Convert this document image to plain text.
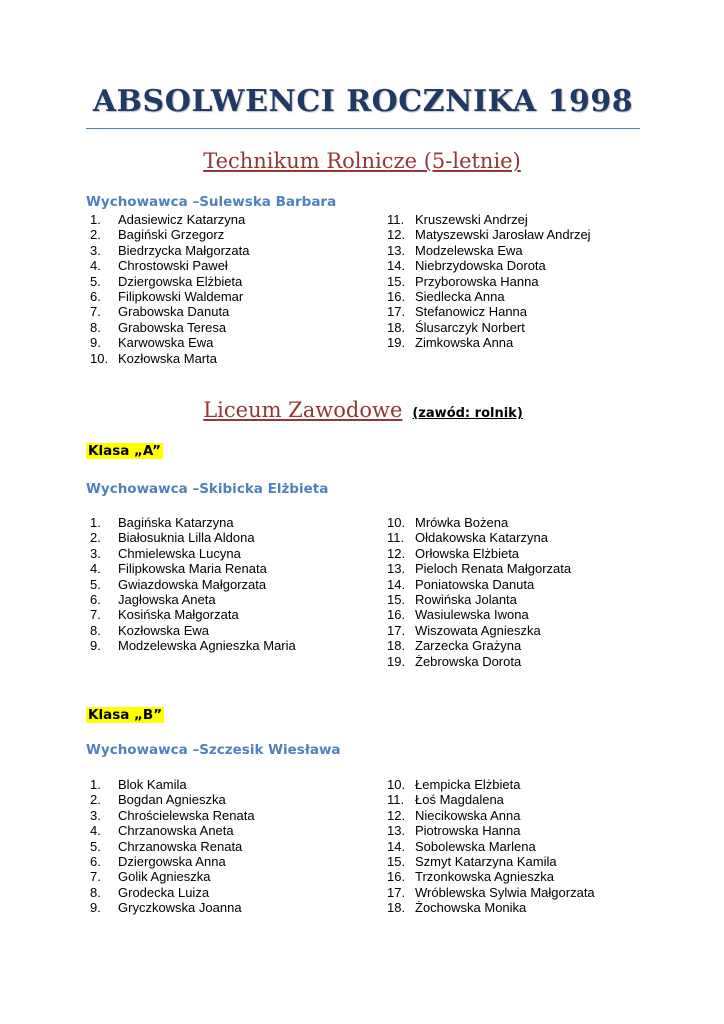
ABSOLWENCI ROCZNIKA 1998
Technikum Rolnicze (5-letnie)
Wychowawca –Sulewska Barbara
1. Adasiewicz Katarzyna
2. Bagiński Grzegorz
3. Biedrzycka Małgorzata
4. Chrostowski Paweł
5. Dziergowska Elżbieta
6. Filipkowski Waldemar
7. Grabowska Danuta
8. Grabowska Teresa
9. Karwowska Ewa
10. Kozłowska Marta
11. Kruszewski Andrzej
12. Matyszewski Jarosław Andrzej
13. Modzelewska Ewa
14. Niebrzydowska Dorota
15. Przyborowska Hanna
16. Siedlecka Anna
17. Stefanowicz Hanna
18. Ślusarczyk Norbert
19. Zimkowska Anna
Liceum Zawodowe (zawód: rolnik)
Klasa „A”
Wychowawca –Skibicka Elżbieta
1. Bagińska Katarzyna
2. Białosuknia Lilla Aldona
3. Chmielewska Lucyna
4. Filipkowska Maria Renata
5. Gwiazdowska Małgorzata
6. Jagłowska Aneta
7. Kosińska Małgorzata
8. Kozłowska Ewa
9. Modzelewska Agnieszka Maria
10. Mrówka Bożena
11. Ołdakowska Katarzyna
12. Orłowska Elżbieta
13. Pieloch Renata Małgorzata
14. Poniatowska Danuta
15. Rowińska Jolanta
16. Wasiulewska Iwona
17. Wiszowata Agnieszka
18. Zarzecka Grażyna
19. Żebrowska Dorota
Klasa „B”
Wychowawca –Szczesik Wiesława
1. Blok Kamila
2. Bogdan Agnieszka
3. Chrościelewska Renata
4. Chrzanowska Aneta
5. Chrzanowska Renata
6. Dziergowska Anna
7. Golik Agnieszka
8. Grodecka Luiza
9. Gryczkowska Joanna
10. Łempicka Elżbieta
11. Łoś Magdalena
12. Niecikowska Anna
13. Piotrowska Hanna
14. Sobolewska Marlena
15. Szmyt Katarzyna Kamila
16. Trzonkowska Agnieszka
17. Wróblewska Sylwia Małgorzata
18. Żochowska Monika
